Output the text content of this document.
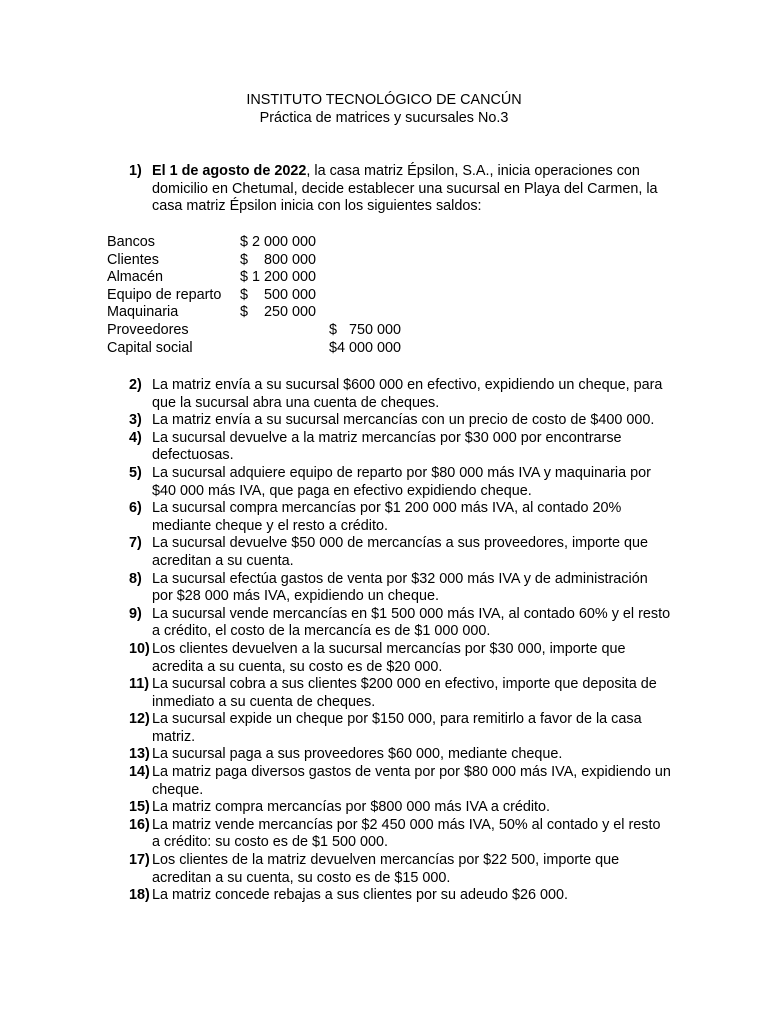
INSTITUTO TECNOLÓGICO DE CANCÚN
Práctica de matrices y sucursales No.3
1) El 1 de agosto de 2022, la casa matriz Épsilon, S.A., inicia operaciones con domicilio en Chetumal, decide establecer una sucursal en Playa del Carmen, la casa matriz Épsilon inicia con los siguientes saldos:
Bancos	$ 2 000 000
Clientes	$    800 000
Almacén	$ 1 200 000
Equipo de reparto $    500 000
Maquinaria	$    250 000
Proveedores	$   750 000
Capital social	$4 000 000
2) La matriz envía a su sucursal $600 000 en efectivo, expidiendo un cheque, para que la sucursal abra una cuenta de cheques.
3) La matriz envía a su sucursal mercancías con un precio de costo de $400 000.
4) La sucursal devuelve a la matriz mercancías por $30 000 por encontrarse defectuosas.
5) La sucursal adquiere equipo de reparto por $80 000 más IVA y maquinaria por $40 000 más IVA, que paga en efectivo expidiendo cheque.
6) La sucursal compra mercancías por $1 200 000 más IVA, al contado 20% mediante cheque y el resto a crédito.
7) La sucursal devuelve $50 000 de mercancías a sus proveedores, importe que acreditan a su cuenta.
8) La sucursal efectúa gastos de venta por $32 000 más IVA y de administración por $28 000 más IVA, expidiendo un cheque.
9) La sucursal vende mercancías en $1 500 000 más IVA, al contado 60% y el resto a crédito, el costo de la mercancía es de $1 000 000.
10) Los clientes devuelven a la sucursal mercancías por $30 000, importe que acredita a su cuenta, su costo es de $20 000.
11) La sucursal cobra a sus clientes $200 000 en efectivo, importe que deposita de inmediato a su cuenta de cheques.
12) La sucursal expide un cheque por $150 000, para remitirlo a favor de la casa matriz.
13) La sucursal paga a sus proveedores $60 000, mediante cheque.
14) La matriz paga diversos gastos de venta por por $80 000 más IVA, expidiendo un cheque.
15) La matriz compra mercancías por $800 000 más IVA a crédito.
16) La matriz vende mercancías por $2 450 000 más IVA, 50% al contado y el resto a crédito: su costo es de $1 500 000.
17) Los clientes de la matriz devuelven mercancías por $22 500, importe que acreditan a su cuenta, su costo es de $15 000.
18) La matriz concede rebajas a sus clientes por su adeudo $26 000.
